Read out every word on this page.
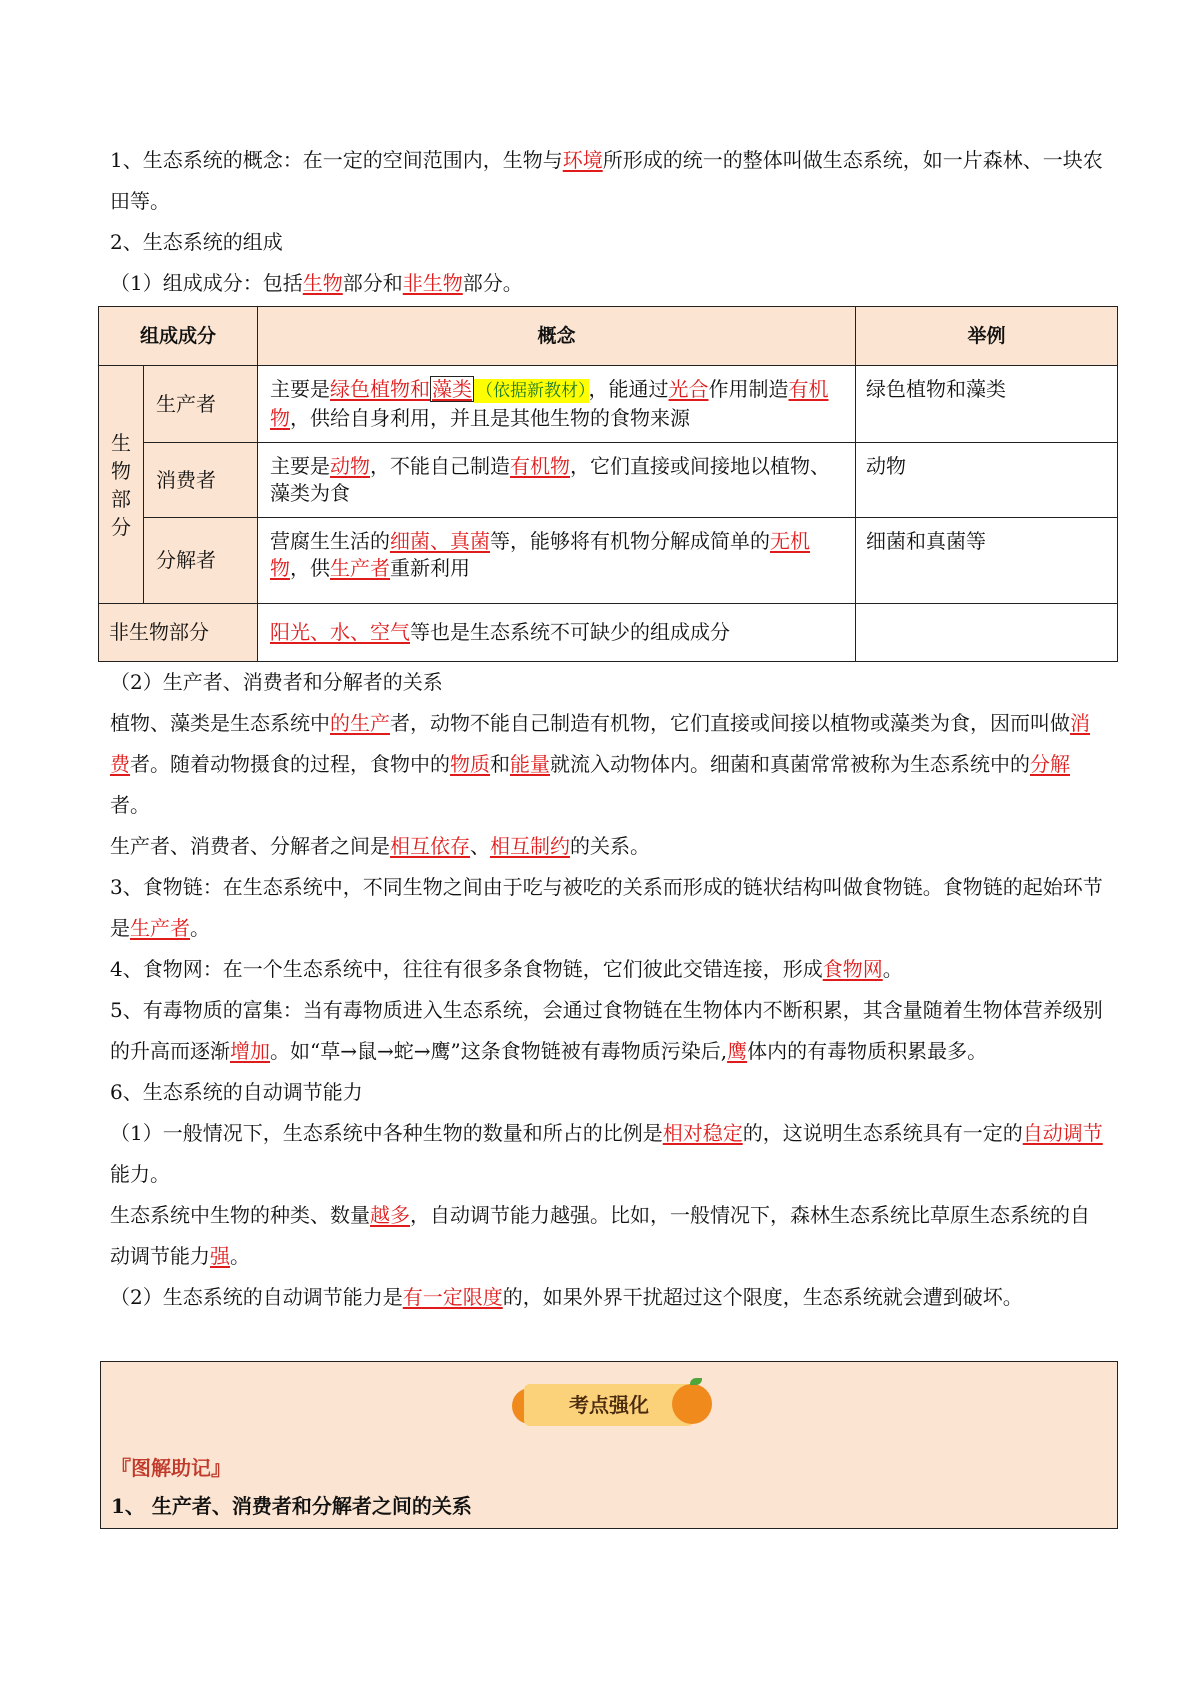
1、生态系统的概念：在一定的空间范围内，生物与环境所形成的统一的整体叫做生态系统，如一片森林、一块农田等。

2、生态系统的组成

（1）组成成分：包括生物部分和非生物部分。

组成成分		概念	举例
生物部分	生产者	主要是绿色植物和 藻类 （依据新教材） ，能通过光合作用制造有机物，供给自身利用，并且是其他生物的食物来源	绿色植物和藻类
	消费者	主要是动物，不能自己制造有机物，它们直接或间接地以植物、藻类为食	动物
	分解者	营腐生生活的细菌、真菌等，能够将有机物分解成简单的无机物，供生产者重新利用	细菌和真菌等
非生物部分		阳光、水、空气等也是生态系统不可缺少的组成成分	

（2）生产者、消费者和分解者的关系

植物、藻类是生态系统中的生产者，动物不能自己制造有机物，它们直接或间接以植物或藻类为食，因而叫做消费者。随着动物摄食的过程，食物中的物质和能量就流入动物体内。细菌和真菌常常被称为生态系统中的分解者。

生产者、消费者、分解者之间是相互依存、相互制约的关系。

3、食物链：在生态系统中，不同生物之间由于吃与被吃的关系而形成的链状结构叫做食物链。食物链的起始环节是生产者。

4、食物网：在一个生态系统中，往往有很多条食物链，它们彼此交错连接，形成食物网。

5、有毒物质的富集：当有毒物质进入生态系统，会通过食物链在生物体内不断积累，其含量随着生物体营养级别的升高而逐渐增加。如“草→鼠→蛇→鹰”这条食物链被有毒物质污染后,鹰体内的有毒物质积累最多。

6、生态系统的自动调节能力

（1）一般情况下，生态系统中各种生物的数量和所占的比例是相对稳定的，这说明生态系统具有一定的自动调节能力。

生态系统中生物的种类、数量越多，自动调节能力越强。比如，一般情况下，森林生态系统比草原生态系统的自动调节能力强。

（2）生态系统的自动调节能力是有一定限度的，如果外界干扰超过这个限度，生态系统就会遭到破坏。

考点强化
『图解助记』
1、 生产者、消费者和分解者之间的关系
